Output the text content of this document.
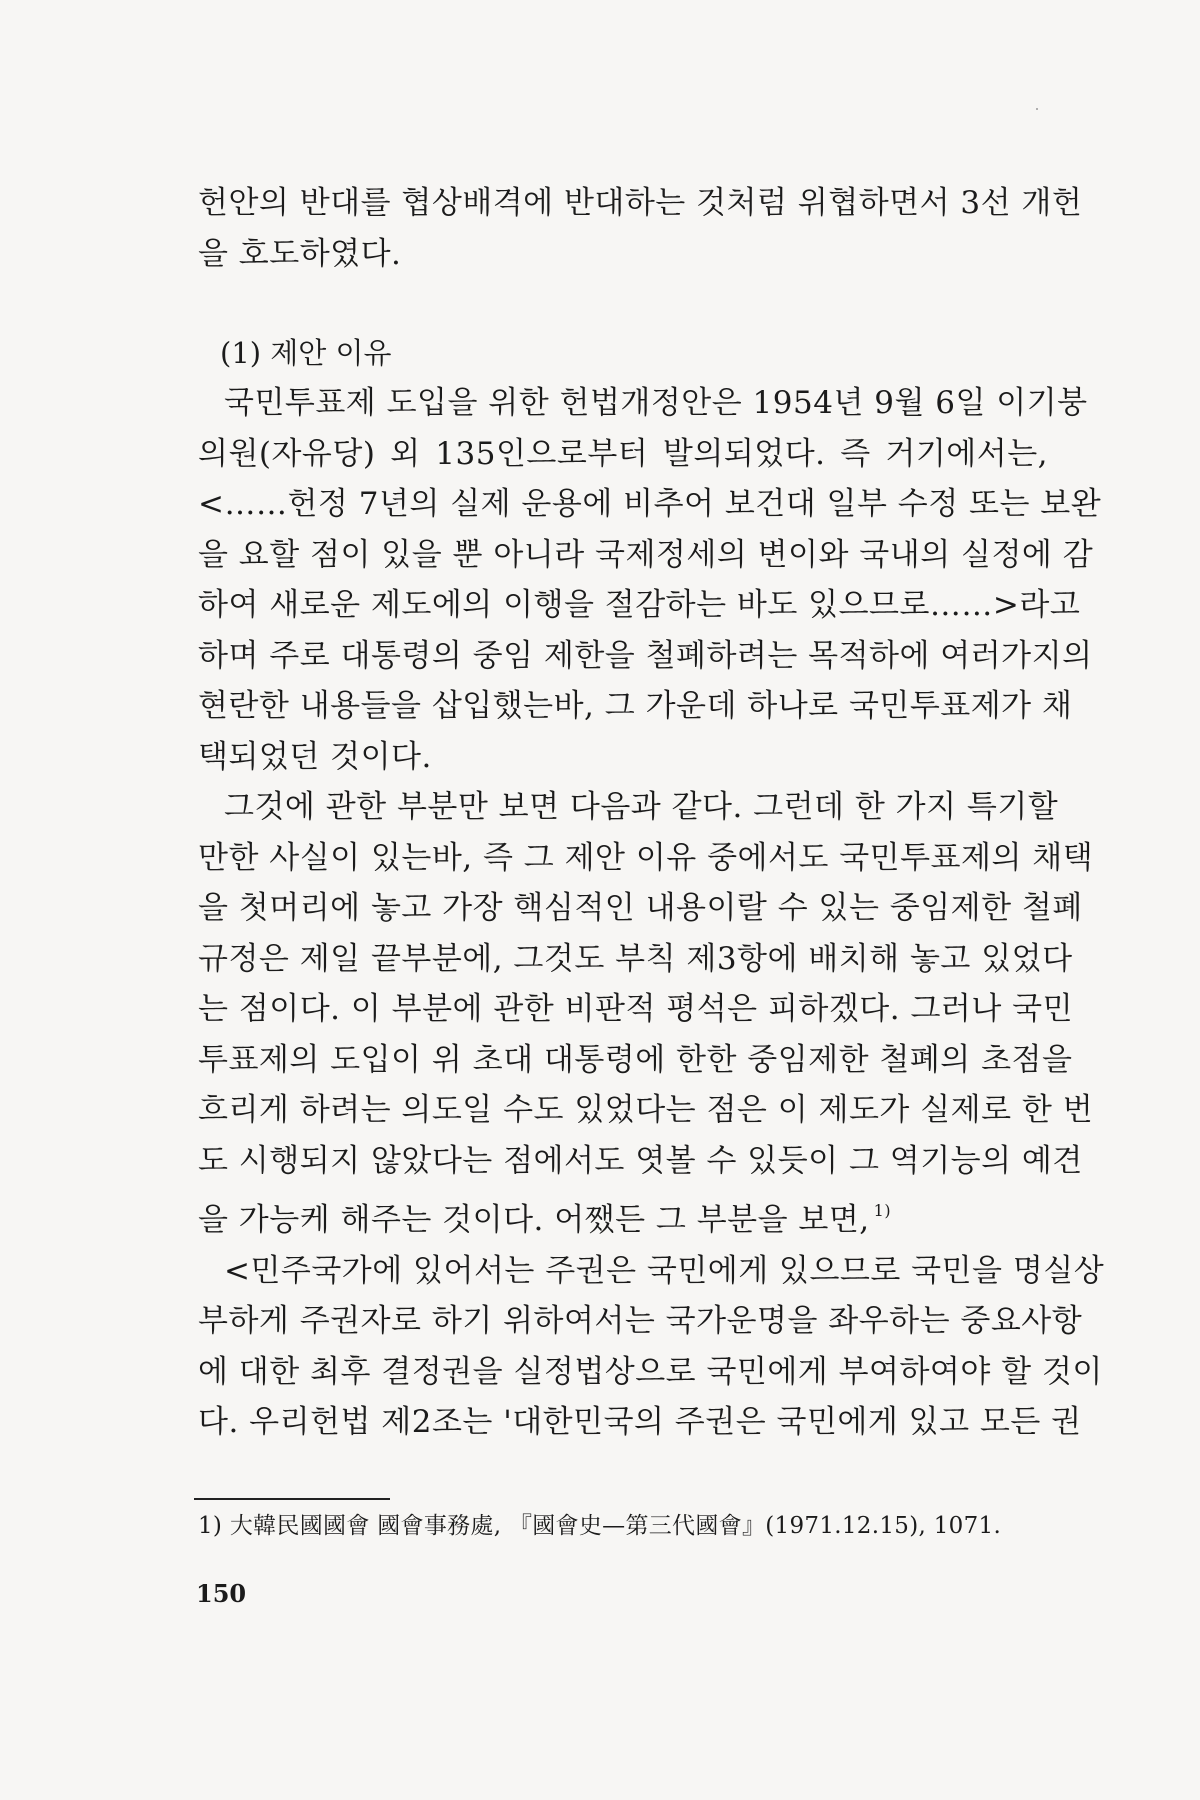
헌안의 반대를 협상배격에 반대하는 것처럼 위협하면서 3선 개헌
을 호도하였다.
(1) 제안 이유
국민투표제 도입을 위한 헌법개정안은 1954년 9월 6일 이기붕
의원(자유당) 외 135인으로부터 발의되었다. 즉 거기에서는,
<……헌정 7년의 실제 운용에 비추어 보건대 일부 수정 또는 보완
을 요할 점이 있을 뿐 아니라 국제정세의 변이와 국내의 실정에 감
하여 새로운 제도에의 이행을 절감하는 바도 있으므로……>라고
하며 주로 대통령의 중임 제한을 철폐하려는 목적하에 여러가지의
현란한 내용들을 삽입했는바, 그 가운데 하나로 국민투표제가 채
택되었던 것이다.
그것에 관한 부분만 보면 다음과 같다. 그런데 한 가지 특기할
만한 사실이 있는바, 즉 그 제안 이유 중에서도 국민투표제의 채택
을 첫머리에 놓고 가장 핵심적인 내용이랄 수 있는 중임제한 철폐
규정은 제일 끝부분에, 그것도 부칙 제3항에 배치해 놓고 있었다
는 점이다. 이 부분에 관한 비판적 평석은 피하겠다. 그러나 국민
투표제의 도입이 위 초대 대통령에 한한 중임제한 철폐의 초점을
흐리게 하려는 의도일 수도 있었다는 점은 이 제도가 실제로 한 번
도 시행되지 않았다는 점에서도 엿볼 수 있듯이 그 역기능의 예견
을 가능케 해주는 것이다. 어쨌든 그 부분을 보면, $^{1)}$
<민주국가에 있어서는 주권은 국민에게 있으므로 국민을 명실상
부하게 주권자로 하기 위하여서는 국가운명을 좌우하는 중요사항
에 대한 최후 결정권을 실정법상으로 국민에게 부여하여야 할 것이
다. 우리헌법 제2조는 '대한민국의 주권은 국민에게 있고 모든 권
1) 大韓民國國會 國會事務處, 『國會史—第三代國會』(1971.12.15), 1071.
150
